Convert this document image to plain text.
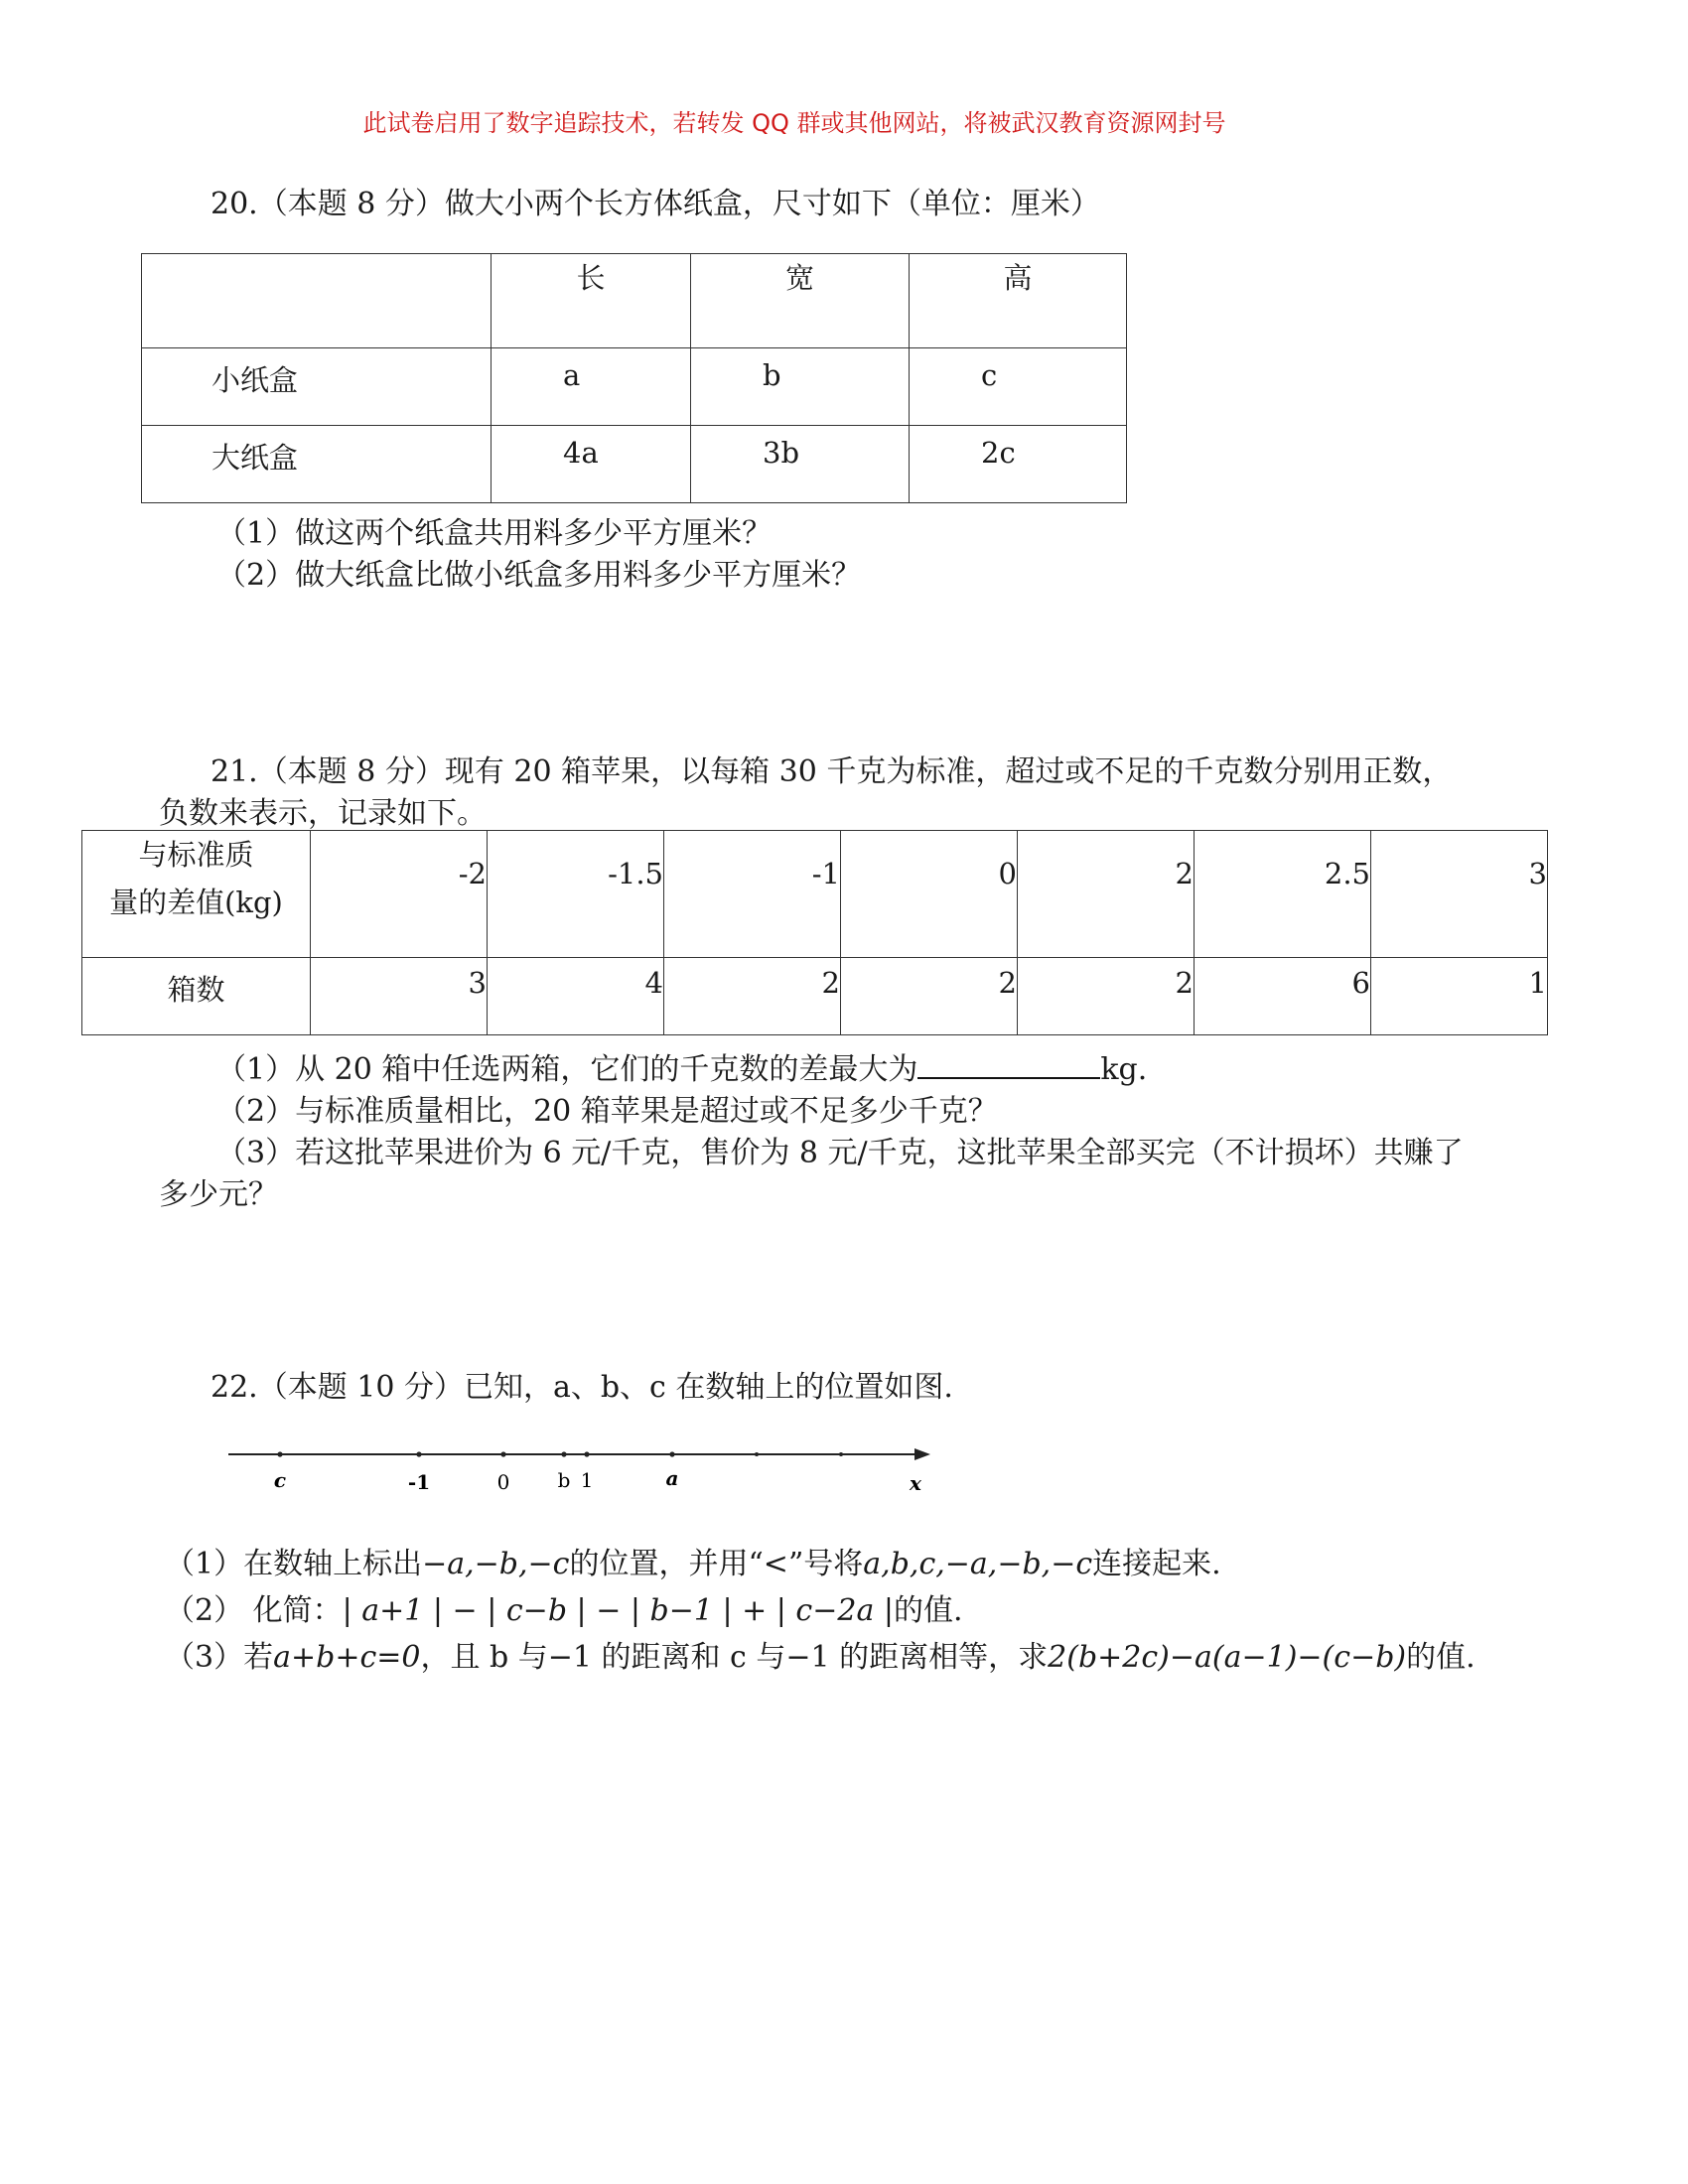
此试卷启用了数字追踪技术，若转发 QQ 群或其他网站，将被武汉教育资源网封号
20.（本题 8 分）做大小两个长方体纸盒，尺寸如下（单位：厘米）
	长	宽	高
小纸盒	a	b	c
大纸盒	4a	3b	2c
（1）做这两个纸盒共用料多少平方厘米？
（2）做大纸盒比做小纸盒多用料多少平方厘米？
21.（本题 8 分）现有 20 箱苹果，以每箱 30 千克为标准，超过或不足的千克数分别用正数，
负数来表示，记录如下。
与标准质
量的差值(kg)	-2	-1.5	-1	0	2	2.5	3
箱数	3	4	2	2	2	6	1
（1）从 20 箱中任选两箱，它们的千克数的差最大为	kg.
（2）与标准质量相比，20 箱苹果是超过或不足多少千克？
（3）若这批苹果进价为 6 元/千克，售价为 8 元/千克，这批苹果全部买完（不计损坏）共赚了
多少元？
22.（本题 10 分）已知，a、b、c 在数轴上的位置如图.
c	-1	0 b 1	a	x
（1）在数轴上标出−a,−b,−c的位置，并用“<”号将a,b,c,−a,−b,−c连接起来.
（2） 化简：| a+1 | − | c−b | − | b−1 | + | c−2a |的值.
（3）若a+b+c=0，且 b 与−1 的距离和 c 与−1 的距离相等，求2(b+2c)−a(a−1)−(c−b)的值.
